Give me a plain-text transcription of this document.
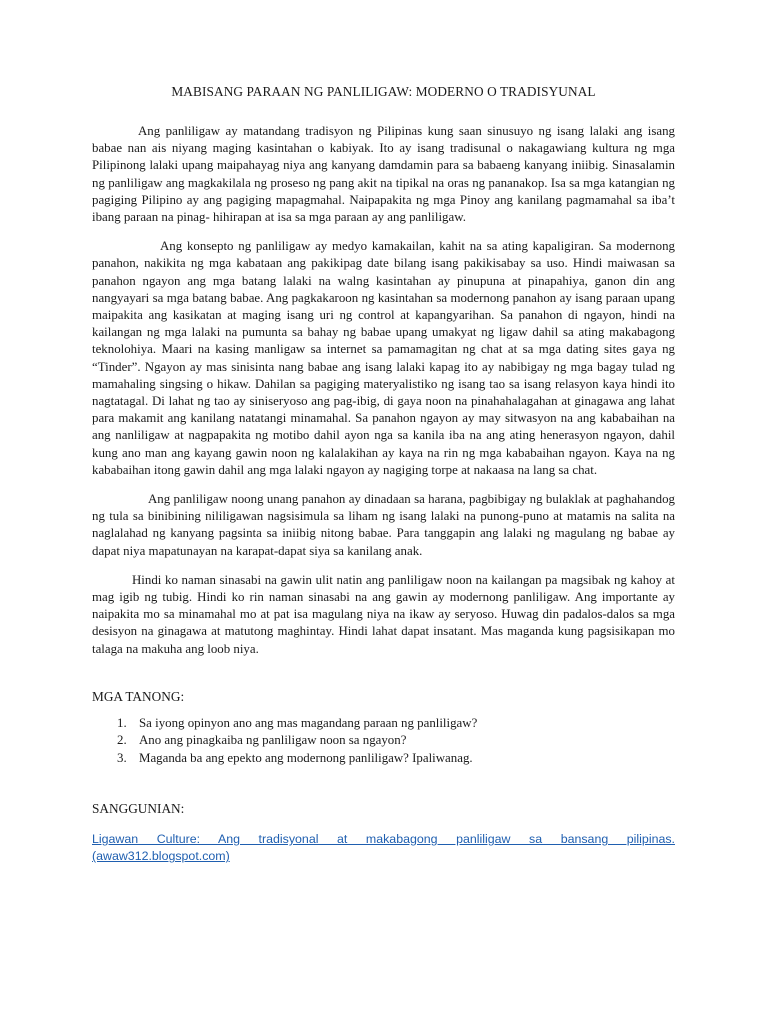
MABISANG PARAAN NG PANLILIGAW: MODERNO O TRADISYUNAL

Ang panliligaw ay matandang tradisyon ng Pilipinas kung saan sinusuyo ng isang lalaki ang isang babae nan ais niyang maging kasintahan o kabiyak. Ito ay isang tradisunal o nakagawiang kultura ng mga Pilipinong lalaki upang maipahayag niya ang kanyang damdamin para sa babaeng kanyang iniibig. Sinasalamin ng panliligaw ang magkakilala ng proseso ng pang akit na tipikal na oras ng pananakop. Isa sa mga katangian ng pagiging Pilipino ay ang pagiging mapagmahal. Naipapakita ng mga Pinoy ang kanilang pagmamahal sa iba’t ibang paraan na pinag- hihirapan at isa sa mga paraan ay ang panliligaw.

Ang konsepto ng panliligaw ay medyo kamakailan, kahit na sa ating kapaligiran. Sa modernong panahon, nakikita ng mga kabataan ang pakikipag date bilang isang pakikisabay sa uso. Hindi maiwasan sa panahon ngayon ang mga batang lalaki na walng kasintahan ay pinupuna at pinapahiya, ganon din ang nangyayari sa mga batang babae. Ang pagkakaroon ng kasintahan sa modernong panahon ay isang paraan upang maipakita ang kasikatan at maging isang uri ng control at kapangyarihan. Sa panahon di ngayon, hindi na kailangan ng mga lalaki na pumunta sa bahay ng babae upang umakyat ng ligaw dahil sa ating makabagong teknolohiya. Maari na kasing manligaw sa internet sa pamamagitan ng chat at sa mga dating sites gaya ng “Tinder”. Ngayon ay mas sinisinta nang babae ang isang lalaki kapag ito ay nabibigay ng mga bagay tulad ng mamahaling singsing o hikaw. Dahilan sa pagiging materyalistiko ng isang tao sa isang relasyon kaya hindi ito nagtatagal. Di lahat ng tao ay siniseryoso ang pag-ibig, di gaya noon na pinahahalagahan at ginagawa ang lahat para makamit ang kanilang natatangi minamahal. Sa panahon ngayon ay may sitwasyon na ang kababaihan na ang nanliligaw at nagpapakita ng motibo dahil ayon nga sa kanila iba na ang ating henerasyon ngayon, dahil kung ano man ang kayang gawin noon ng kalalakihan ay kaya na rin ng mga kababaihan ngayon. Kaya na ng kababaihan itong gawin dahil ang mga lalaki ngayon ay nagiging torpe at nakaasa na lang sa chat.

Ang panliligaw noong unang panahon ay dinadaan sa harana, pagbibigay ng bulaklak at paghahandog ng tula sa binibining nililigawan nagsisimula sa liham ng isang lalaki na punong-puno at matamis na salita na naglalahad ng kanyang pagsinta sa iniibig nitong babae. Para tanggapin ang lalaki ng magulang ng babae ay dapat niya mapatunayan na karapat-dapat siya sa kanilang anak.

Hindi ko naman sinasabi na gawin ulit natin ang panliligaw noon na kailangan pa magsibak ng kahoy at mag igib ng tubig. Hindi ko rin naman sinasabi na ang gawin ay modernong panliligaw. Ang importante ay naipakita mo sa minamahal mo at pat isa magulang niya na ikaw ay seryoso. Huwag din padalos-dalos sa mga desisyon na ginagawa at matutong maghintay. Hindi lahat dapat insatant. Mas maganda kung pagsisikapan mo talaga na makuha ang loob niya.

MGA TANONG:
1. Sa iyong opinyon ano ang mas magandang paraan ng panliligaw?
2. Ano ang pinagkaiba ng panliligaw noon sa ngayon?
3. Maganda ba ang epekto ang modernong panliligaw? Ipaliwanag.
SANGGUNIAN:
Ligawan Culture: Ang tradisyonal at makabagong panliligaw sa bansang pilipinas. (awaw312.blogspot.com)
